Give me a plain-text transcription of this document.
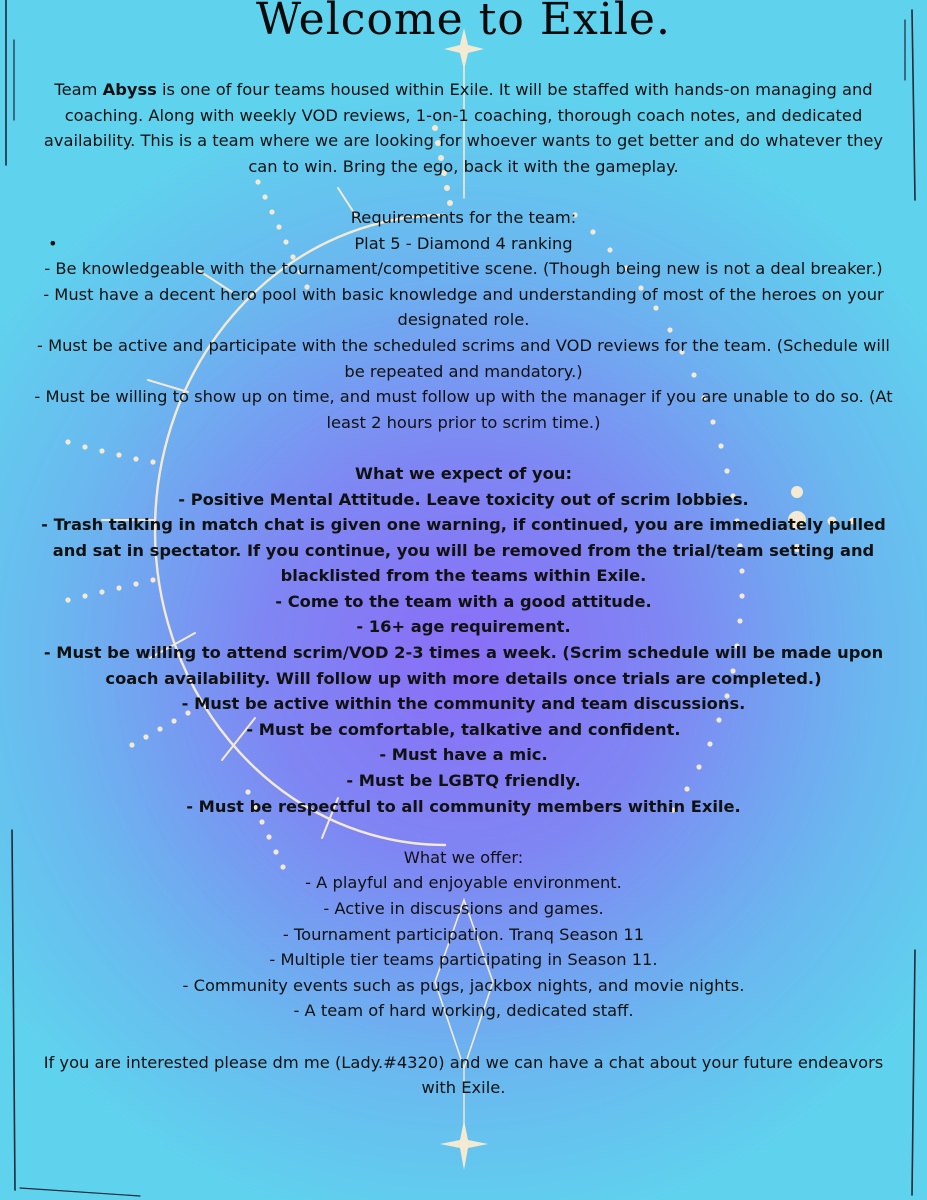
Welcome to Exile.

Team Abyss is one of four teams housed within Exile. It will be staffed with hands-on managing and coaching. Along with weekly VOD reviews, 1-on-1 coaching, thorough coach notes, and dedicated availability. This is a team where we are looking for whoever wants to get better and do whatever they can to win. Bring the ego, back it with the gameplay.

Requirements for the team:

•	Plat 5 - Diamond 4 ranking

- Be knowledgeable with the tournament/competitive scene. (Though being new is not a deal breaker.)

- Must have a decent hero pool with basic knowledge and understanding of most of the heroes on your designated role.

- Must be active and participate with the scheduled scrims and VOD reviews for the team. (Schedule will be repeated and mandatory.)

- Must be willing to show up on time, and must follow up with the manager if you are unable to do so. (At least 2 hours prior to scrim time.)

What we expect of you:

- Positive Mental Attitude. Leave toxicity out of scrim lobbies.

- Trash talking in match chat is given one warning, if continued, you are immediately pulled and sat in spectator. If you continue, you will be removed from the trial/team setting and blacklisted from the teams within Exile.

- Come to the team with a good attitude.

- 16+ age requirement.

- Must be willing to attend scrim/VOD 2-3 times a week. (Scrim schedule will be made upon coach availability. Will follow up with more details once trials are completed.)

- Must be active within the community and team discussions.

- Must be comfortable, talkative and confident.

- Must have a mic.

- Must be LGBTQ friendly.

- Must be respectful to all community members within Exile.

What we offer:

- A playful and enjoyable environment.

- Active in discussions and games.

- Tournament participation. Tranq Season 11

- Multiple tier teams participating in Season 11.

- Community events such as pugs, jackbox nights, and movie nights.

- A team of hard working, dedicated staff.

If you are interested please dm me (Lady.#4320) and we can have a chat about your future endeavors with Exile.
